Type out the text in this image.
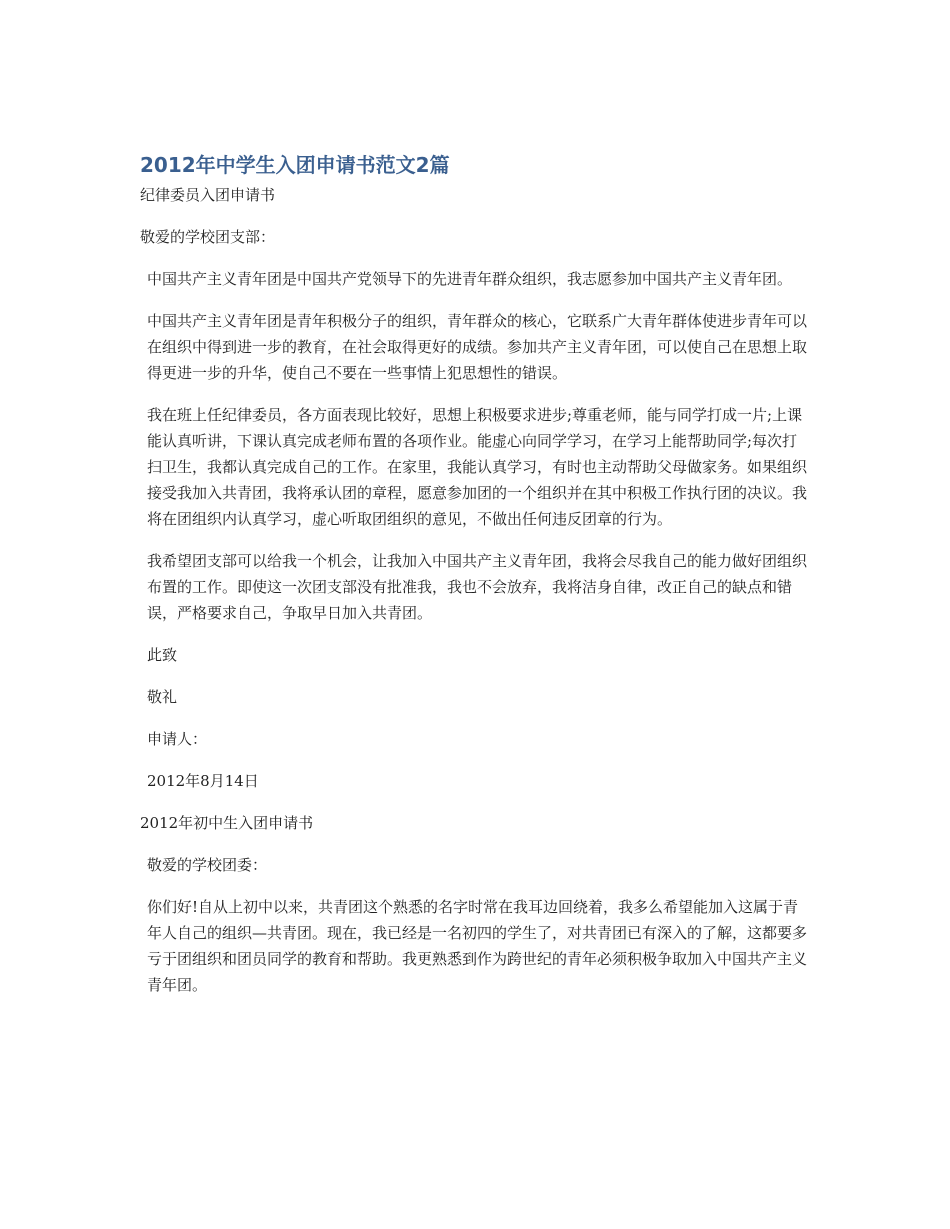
2012年中学生入团申请书范文2篇

纪律委员入团申请书

敬爱的学校团支部：

中国共产主义青年团是中国共产党领导下的先进青年群众组织，我志愿参加中国共产主义青年团。

中国共产主义青年团是青年积极分子的组织，青年群众的核心，它联系广大青年群体使进步青年可以在组织中得到进一步的教育，在社会取得更好的成绩。参加共产主义青年团，可以使自己在思想上取得更进一步的升华，使自己不要在一些事情上犯思想性的错误。

我在班上任纪律委员，各方面表现比较好，思想上积极要求进步;尊重老师，能与同学打成一片;上课能认真听讲，下课认真完成老师布置的各项作业。能虚心向同学学习，在学习上能帮助同学;每次打扫卫生，我都认真完成自己的工作。在家里，我能认真学习，有时也主动帮助父母做家务。如果组织接受我加入共青团，我将承认团的章程，愿意参加团的一个组织并在其中积极工作执行团的决议。我将在团组织内认真学习，虚心听取团组织的意见，不做出任何违反团章的行为。

我希望团支部可以给我一个机会，让我加入中国共产主义青年团，我将会尽我自己的能力做好团组织布置的工作。即使这一次团支部没有批准我，我也不会放弃，我将洁身自律，改正自己的缺点和错误，严格要求自己，争取早日加入共青团。

此致

敬礼

申请人：

2012年8月14日

2012年初中生入团申请书

敬爱的学校团委：

你们好!自从上初中以来，共青团这个熟悉的名字时常在我耳边回绕着，我多么希望能加入这属于青年人自己的组织—共青团。现在，我已经是一名初四的学生了，对共青团已有深入的了解，这都要多亏于团组织和团员同学的教育和帮助。我更熟悉到作为跨世纪的青年必须积极争取加入中国共产主义青年团。
